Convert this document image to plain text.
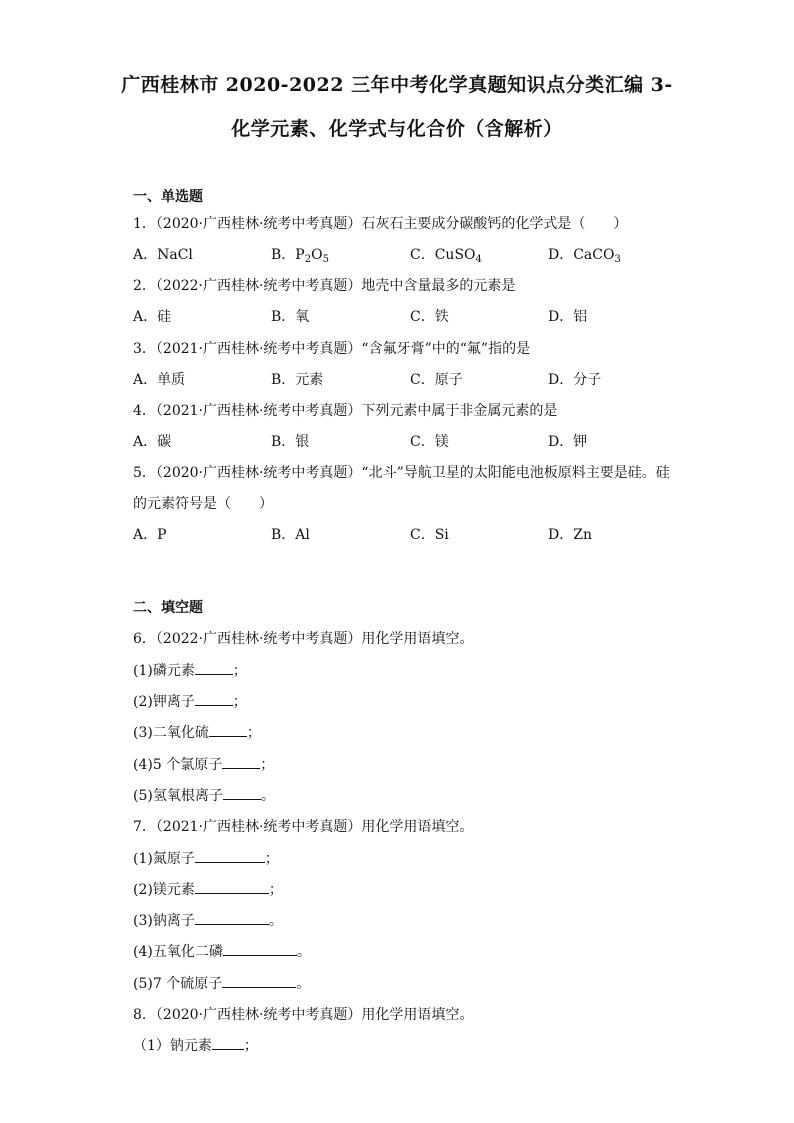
广西桂林市 2020-2022 三年中考化学真题知识点分类汇编 3-
化学元素、化学式与化合价（含解析）
一、单选题
1．（2020·广西桂林·统考中考真题）石灰石主要成分碳酸钙的化学式是（　　）
A．NaCl	B．$P_2O_5$	C．CuSO$_4$	D．CaCO$_3$
2．（2022·广西桂林·统考中考真题）地壳中含量最多的元素是
A．硅	B．氧	C．铁	D．铝
3．（2021·广西桂林·统考中考真题）“含氟牙膏”中的“氟”指的是
A．单质	B．元素	C．原子	D．分子
4．（2021·广西桂林·统考中考真题）下列元素中属于非金属元素的是
A．碳	B．银	C．镁	D．钾
5．（2020·广西桂林·统考中考真题）“北斗”导航卫星的太阳能电池板原料主要是硅。硅
的元素符号是（　　）
A．P	B．Al	C．Si	D．Zn
二、填空题
6．（2022·广西桂林·统考中考真题）用化学用语填空。
(1)磷元素	；
(2)钾离子	；
(3)二氧化硫	；
(4)5 个氯原子	；
(5)氢氧根离子	。
7．（2021·广西桂林·统考中考真题）用化学用语填空。
(1)氮原子	；
(2)镁元素	；
(3)钠离子	。
(4)五氧化二磷	。
(5)7 个硫原子	。
8．（2020·广西桂林·统考中考真题）用化学用语填空。
（1）钠元素 ；
